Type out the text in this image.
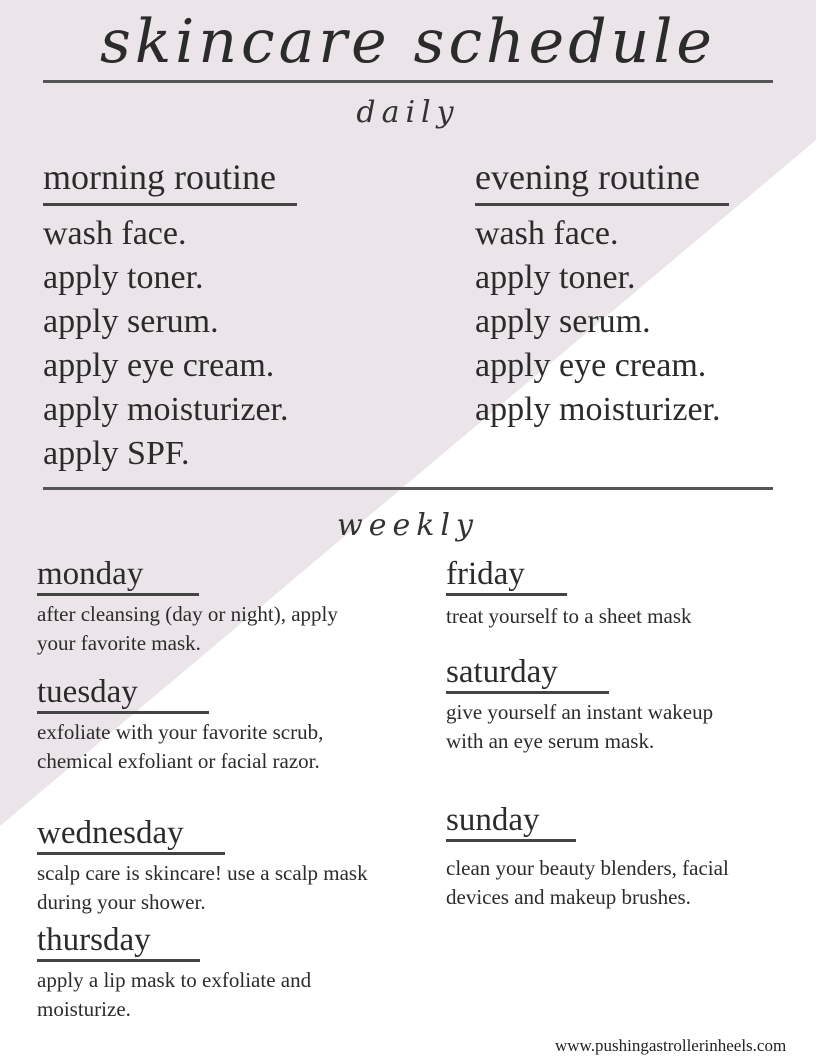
skincare schedule
daily
morning routine
wash face.
apply toner.
apply serum.
apply eye cream.
apply moisturizer.
apply SPF.
evening routine
wash face.
apply toner.
apply serum.
apply eye cream.
apply moisturizer.
weekly
monday
after cleansing (day or night), apply your favorite mask.
tuesday
exfoliate with your favorite scrub, chemical exfoliant or facial razor.
wednesday
scalp care is skincare! use a scalp mask during your shower.
thursday
apply a lip mask to exfoliate and moisturize.
friday
treat yourself to a sheet mask
saturday
give yourself an instant wakeup with an eye serum mask.
sunday
clean your beauty blenders, facial devices and makeup brushes.
www.pushingastrollerinheels.com
